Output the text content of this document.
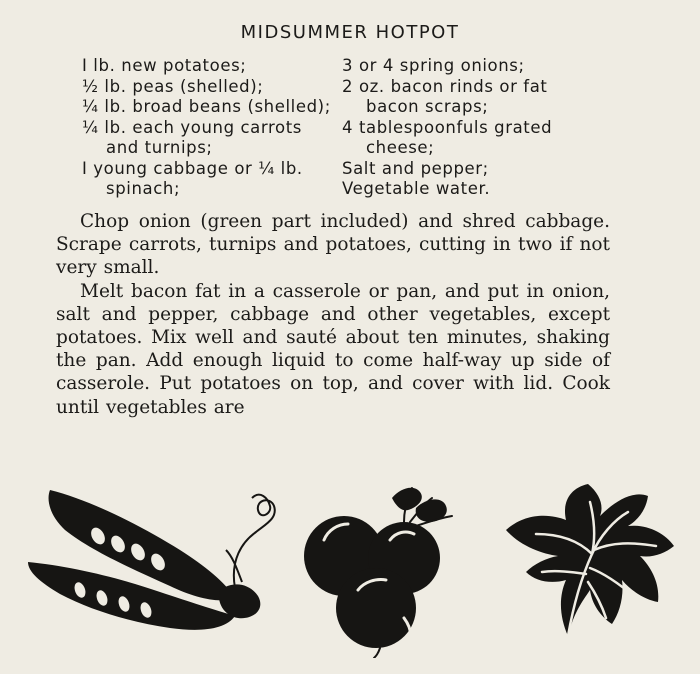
MIDSUMMER HOTPOT
I lb. new potatoes;
½ lb. peas (shelled);
¼ lb. broad beans (shelled);
¼ lb. each young carrots
and turnips;
I young cabbage or ¼ lb.
spinach;
3 or 4 spring onions;
2 oz. bacon rinds or fat
bacon scraps;
4 tablespoonfuls grated
cheese;
Salt and pepper;
Vegetable water.

Chop onion (green part included) and shred cabbage. Scrape carrots, turnips and potatoes, cutting in two if not very small.

Melt bacon fat in a casserole or pan, and put in onion, salt and pepper, cabbage and other vegetables, except potatoes. Mix well and sauté about ten minutes, shaking the pan. Add enough liquid to come half-way up side of casserole. Put potatoes on top, and cover with lid. Cook until vegetables are
